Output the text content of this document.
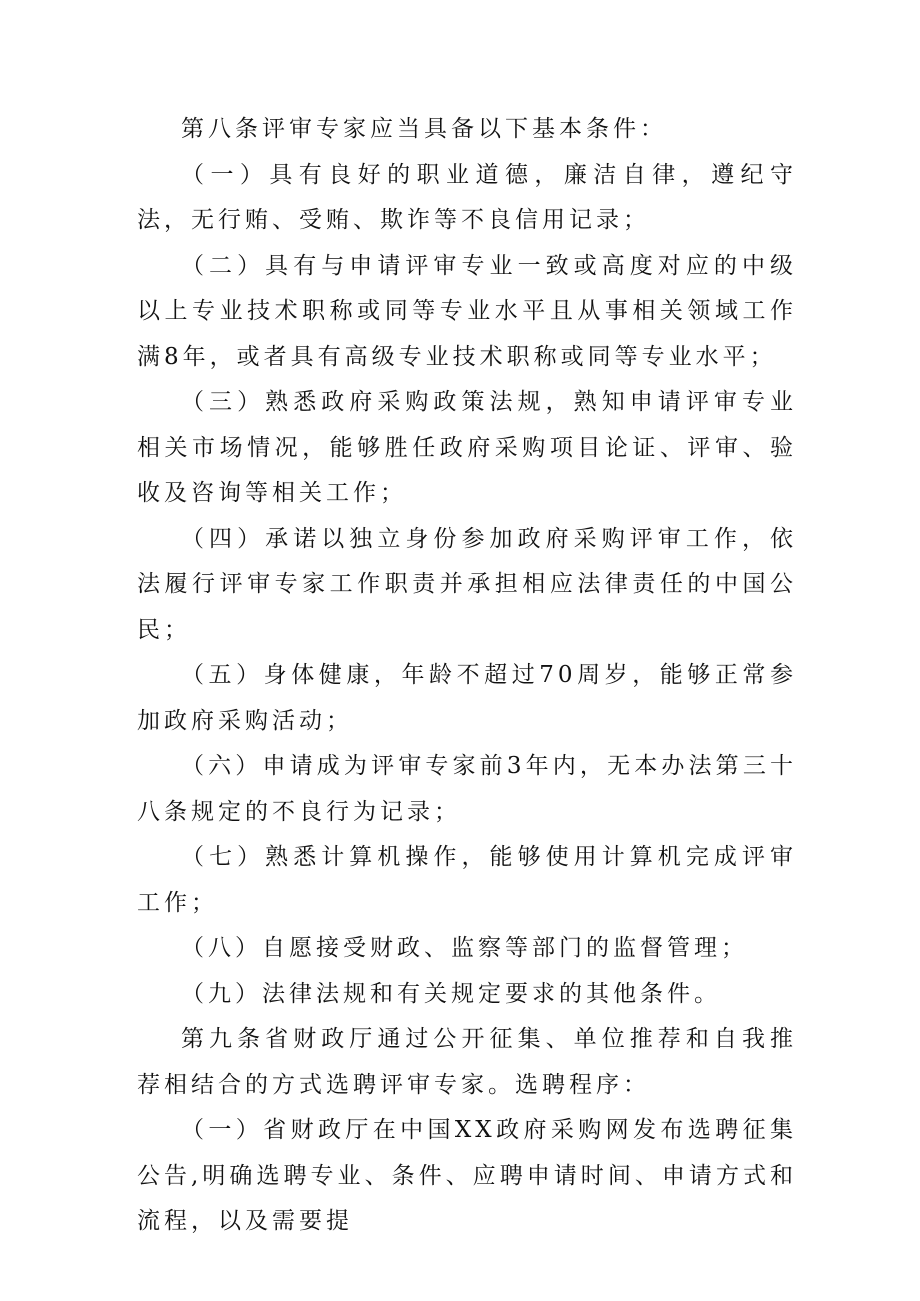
第八条评审专家应当具备以下基本条件：

（一）具有良好的职业道德，廉洁自律，遵纪守法，无行贿、受贿、欺诈等不良信用记录；

（二）具有与申请评审专业一致或高度对应的中级以上专业技术职称或同等专业水平且从事相关领域工作满8年，或者具有高级专业技术职称或同等专业水平；

（三）熟悉政府采购政策法规，熟知申请评审专业相关市场情况，能够胜任政府采购项目论证、评审、验收及咨询等相关工作；

（四）承诺以独立身份参加政府采购评审工作，依法履行评审专家工作职责并承担相应法律责任的中国公民；

（五）身体健康，年龄不超过70周岁，能够正常参加政府采购活动；

（六）申请成为评审专家前3年内，无本办法第三十八条规定的不良行为记录；

（七）熟悉计算机操作，能够使用计算机完成评审工作；

（八）自愿接受财政、监察等部门的监督管理；

（九）法律法规和有关规定要求的其他条件。

第九条省财政厅通过公开征集、单位推荐和自我推荐相结合的方式选聘评审专家。选聘程序：

（一）省财政厅在中国XX政府采购网发布选聘征集公告,明确选聘专业、条件、应聘申请时间、申请方式和流程，以及需要提
